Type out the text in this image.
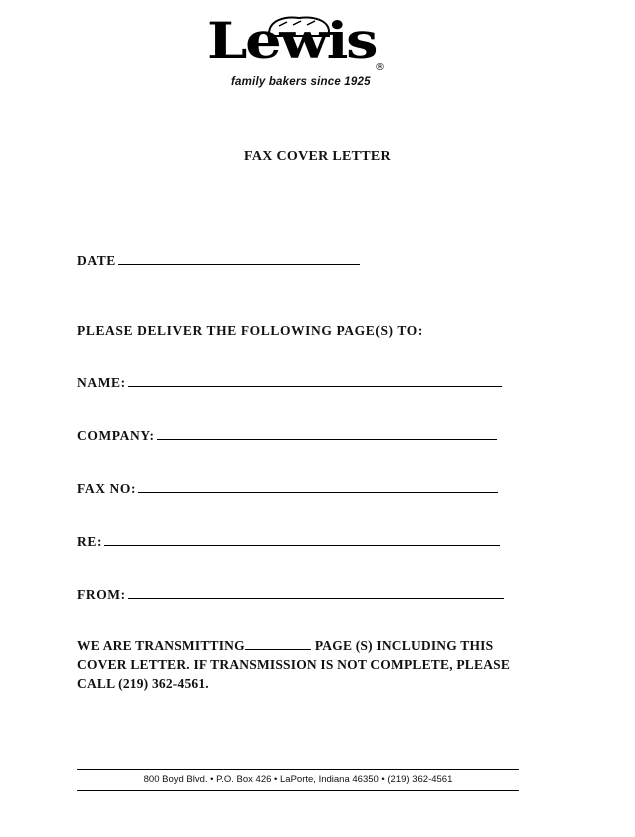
Lewis
®
family bakers since 1925
FAX COVER LETTER
DATE
PLEASE DELIVER THE FOLLOWING PAGE(S) TO:
NAME:
COMPANY:
FAX NO:
RE:
FROM:
WE ARE TRANSMITTING	PAGE (S) INCLUDING THIS COVER LETTER. IF TRANSMISSION IS NOT COMPLETE, PLEASE CALL (219) 362-4561.
800 Boyd Blvd. • P.O. Box 426 • LaPorte, Indiana 46350 • (219) 362-4561
